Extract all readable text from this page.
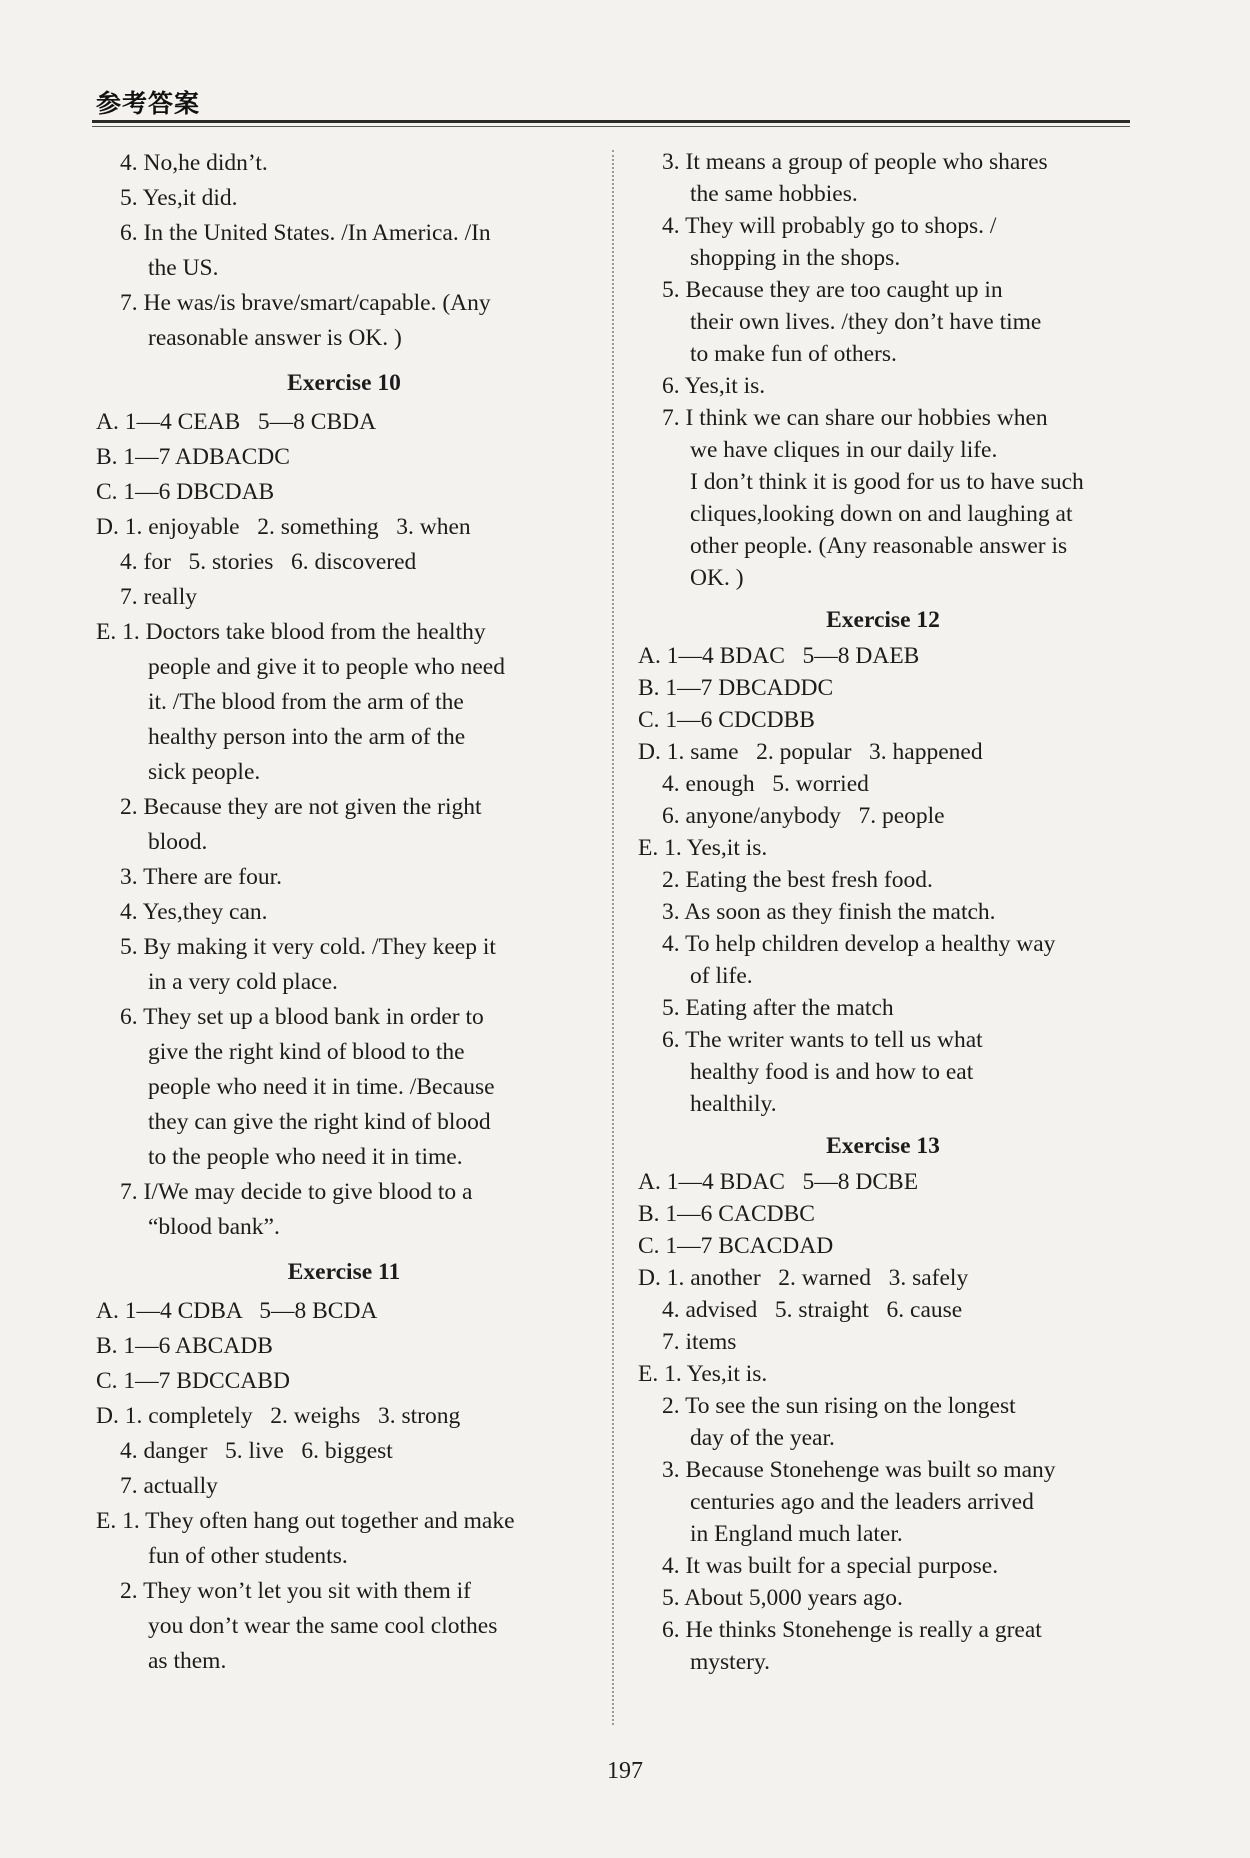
参考答案
4. No,he didn’t.
5. Yes,it did.
6. In the United States. /In America. /In
the US.
7. He was/is brave/smart/capable. (Any
reasonable answer is OK. )
Exercise 10
A. 1—4 CEAB   5—8 CBDA
B. 1—7 ADBACDC
C. 1—6 DBCDAB
D. 1. enjoyable   2. something   3. when
4. for   5. stories   6. discovered
7. really
E. 1. Doctors take blood from the healthy
people and give it to people who need
it. /The blood from the arm of the
healthy person into the arm of the
sick people.
2. Because they are not given the right
blood.
3. There are four.
4. Yes,they can.
5. By making it very cold. /They keep it
in a very cold place.
6. They set up a blood bank in order to
give the right kind of blood to the
people who need it in time. /Because
they can give the right kind of blood
to the people who need it in time.
7. I/We may decide to give blood to a
“blood bank”.
Exercise 11
A. 1—4 CDBA   5—8 BCDA
B. 1—6 ABCADB
C. 1—7 BDCCABD
D. 1. completely   2. weighs   3. strong
4. danger   5. live   6. biggest
7. actually
E. 1. They often hang out together and make
fun of other students.
2. They won’t let you sit with them if
you don’t wear the same cool clothes
as them.
3. It means a group of people who shares
the same hobbies.
4. They will probably go to shops. /
shopping in the shops.
5. Because they are too caught up in
their own lives. /they don’t have time
to make fun of others.
6. Yes,it is.
7. I think we can share our hobbies when
we have cliques in our daily life.
I don’t think it is good for us to have such
cliques,looking down on and laughing at
other people. (Any reasonable answer is
OK. )
Exercise 12
A. 1—4 BDAC   5—8 DAEB
B. 1—7 DBCADDC
C. 1—6 CDCDBB
D. 1. same   2. popular   3. happened
4. enough   5. worried
6. anyone/anybody   7. people
E. 1. Yes,it is.
2. Eating the best fresh food.
3. As soon as they finish the match.
4. To help children develop a healthy way
of life.
5. Eating after the match
6. The writer wants to tell us what
healthy food is and how to eat
healthily.
Exercise 13
A. 1—4 BDAC   5—8 DCBE
B. 1—6 CACDBC
C. 1—7 BCACDAD
D. 1. another   2. warned   3. safely
4. advised   5. straight   6. cause
7. items
E. 1. Yes,it is.
2. To see the sun rising on the longest
day of the year.
3. Because Stonehenge was built so many
centuries ago and the leaders arrived
in England much later.
4. It was built for a special purpose.
5. About 5,000 years ago.
6. He thinks Stonehenge is really a great
mystery.
197
